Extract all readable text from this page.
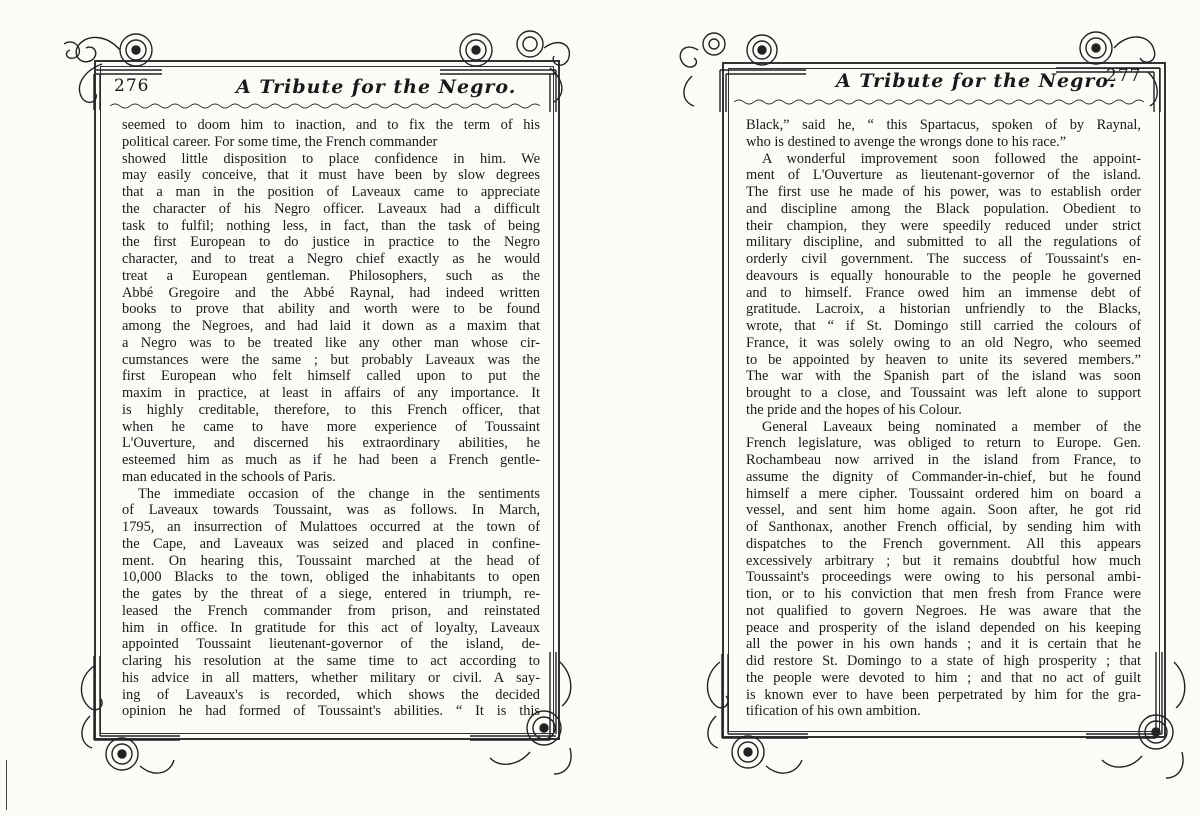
276	A Tribute for the Negro.
seemed to doom him to inaction, and to fix the term of his
political career. For some time, the French commander
showed little disposition to place confidence in him. We
may easily conceive, that it must have been by slow degrees
that a man in the position of Laveaux came to appreciate
the character of his Negro officer. Laveaux had a difficult
task to fulfil; nothing less, in fact, than the task of being
the first European to do justice in practice to the Negro
character, and to treat a Negro chief exactly as he would
treat a European gentleman. Philosophers, such as the
Abbé Gregoire and the Abbé Raynal, had indeed written
books to prove that ability and worth were to be found
among the Negroes, and had laid it down as a maxim that
a Negro was to be treated like any other man whose cir-
cumstances were the same ; but probably Laveaux was the
first European who felt himself called upon to put the
maxim in practice, at least in affairs of any importance. It
is highly creditable, therefore, to this French officer, that
when he came to have more experience of Toussaint
L'Ouverture, and discerned his extraordinary abilities, he
esteemed him as much as if he had been a French gentle-
man educated in the schools of Paris.
The immediate occasion of the change in the sentiments
of Laveaux towards Toussaint, was as follows. In March,
1795, an insurrection of Mulattoes occurred at the town of
the Cape, and Laveaux was seized and placed in confine-
ment. On hearing this, Toussaint marched at the head of
10,000 Blacks to the town, obliged the inhabitants to open
the gates by the threat of a siege, entered in triumph, re-
leased the French commander from prison, and reinstated
him in office. In gratitude for this act of loyalty, Laveaux
appointed Toussaint lieutenant-governor of the island, de-
claring his resolution at the same time to act according to
his advice in all matters, whether military or civil. A say-
ing of Laveaux's is recorded, which shows the decided
opinion he had formed of Toussaint's abilities. “ It is this
A Tribute for the Negro.
277
Black,” said he, “ this Spartacus, spoken of by Raynal,
who is destined to avenge the wrongs done to his race.”
A wonderful improvement soon followed the appoint-
ment of L'Ouverture as lieutenant-governor of the island.
The first use he made of his power, was to establish order
and discipline among the Black population. Obedient to
their champion, they were speedily reduced under strict
military discipline, and submitted to all the regulations of
orderly civil government. The success of Toussaint's en-
deavours is equally honourable to the people he governed
and to himself. France owed him an immense debt of
gratitude. Lacroix, a historian unfriendly to the Blacks,
wrote, that “ if St. Domingo still carried the colours of
France, it was solely owing to an old Negro, who seemed
to be appointed by heaven to unite its severed members.”
The war with the Spanish part of the island was soon
brought to a close, and Toussaint was left alone to support
the pride and the hopes of his Colour.
General Laveaux being nominated a member of the
French legislature, was obliged to return to Europe. Gen.
Rochambeau now arrived in the island from France, to
assume the dignity of Commander-in-chief, but he found
himself a mere cipher. Toussaint ordered him on board a
vessel, and sent him home again. Soon after, he got rid
of Santhonax, another French official, by sending him with
dispatches to the French government. All this appears
excessively arbitrary ; but it remains doubtful how much
Toussaint's proceedings were owing to his personal ambi-
tion, or to his conviction that men fresh from France were
not qualified to govern Negroes. He was aware that the
peace and prosperity of the island depended on his keeping
all the power in his own hands ; and it is certain that he
did restore St. Domingo to a state of high prosperity ; that
the people were devoted to him ; and that no act of guilt
is known ever to have been perpetrated by him for the gra-
tification of his own ambition.
